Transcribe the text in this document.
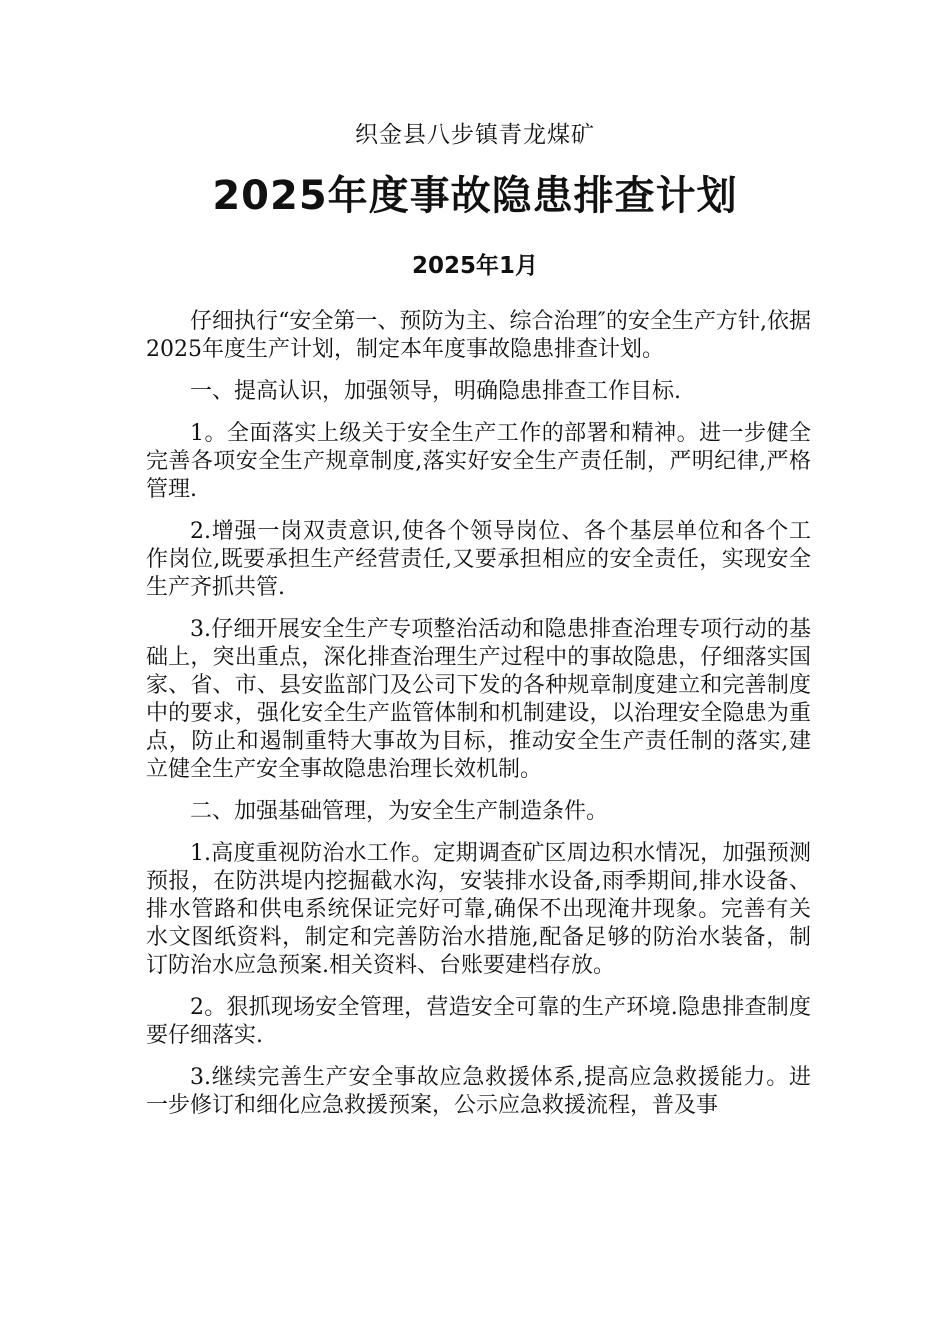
织金县八步镇青龙煤矿
2025年度事故隐患排查计划
2025年1月

仔细执行“安全第一、预防为主、综合治理″的安全生产方针,依据2025年度生产计划，制定本年度事故隐患排查计划。

一、提高认识，加强领导，明确隐患排查工作目标.

1。全面落实上级关于安全生产工作的部署和精神。进一步健全完善各项安全生产规章制度,落实好安全生产责任制，严明纪律,严格管理.

2.增强一岗双责意识,使各个领导岗位、各个基层单位和各个工作岗位,既要承担生产经营责任,又要承担相应的安全责任，实现安全生产齐抓共管.

3.仔细开展安全生产专项整治活动和隐患排查治理专项行动的基础上，突出重点，深化排查治理生产过程中的事故隐患，仔细落实国家、省、市、县安监部门及公司下发的各种规章制度建立和完善制度中的要求，强化安全生产监管体制和机制建设，以治理安全隐患为重点，防止和遏制重特大事故为目标，推动安全生产责任制的落实,建立健全生产安全事故隐患治理长效机制。

二、加强基础管理，为安全生产制造条件。

1.高度重视防治水工作。定期调查矿区周边积水情况，加强预测预报，在防洪堤内挖掘截水沟，安装排水设备,雨季期间,排水设备、排水管路和供电系统保证完好可靠,确保不出现淹井现象。完善有关水文图纸资料，制定和完善防治水措施,配备足够的防治水装备，制订防治水应急预案.相关资料、台账要建档存放。

2。狠抓现场安全管理，营造安全可靠的生产环境.隐患排查制度要仔细落实.

3.继续完善生产安全事故应急救援体系,提高应急救援能力。进一步修订和细化应急救援预案，公示应急救援流程，普及事
